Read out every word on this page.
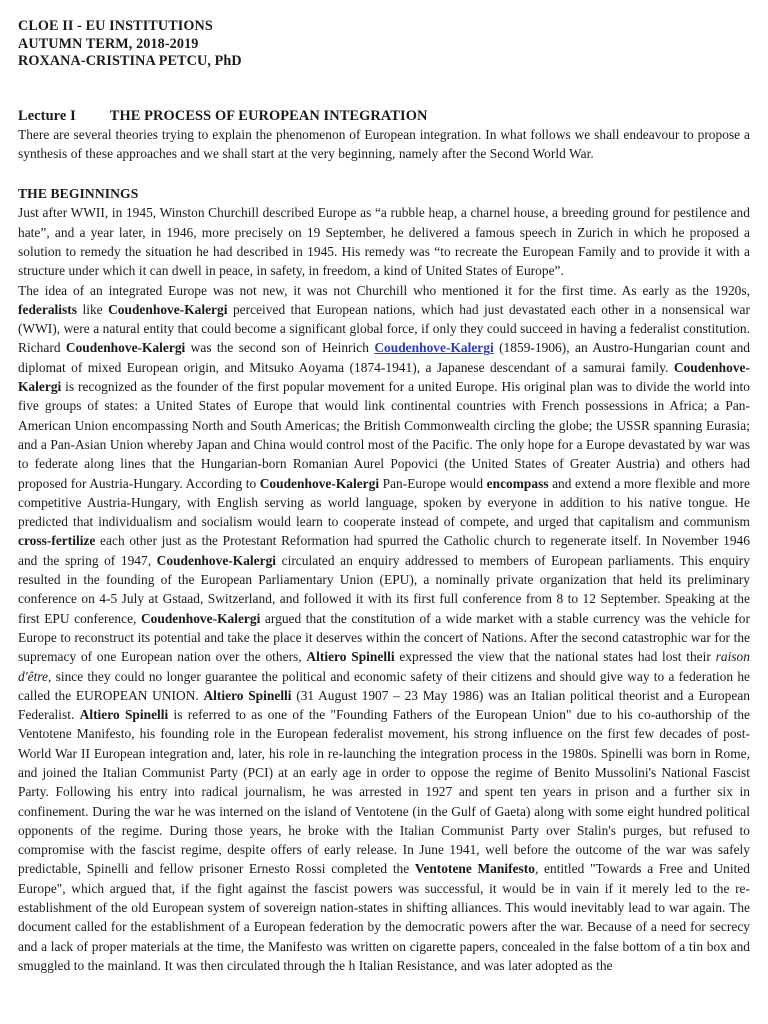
CLOE II - EU INSTITUTIONS
AUTUMN TERM, 2018-2019
ROXANA-CRISTINA PETCU, PhD
Lecture I THE PROCESS OF EUROPEAN INTEGRATION

There are several theories trying to explain the phenomenon of European integration. In what follows we shall endeavour to propose a synthesis of these approaches and we shall start at the very beginning, namely after the Second World War.

THE BEGINNINGS

Just after WWII, in 1945, Winston Churchill described Europe as “a rubble heap, a charnel house, a breeding ground for pestilence and hate”, and a year later, in 1946, more precisely on 19 September, he delivered a famous speech in Zurich in which he proposed a solution to remedy the situation he had described in 1945. His remedy was “to recreate the European Family and to provide it with a structure under which it can dwell in peace, in safety, in freedom, a kind of United States of Europe”.

The idea of an integrated Europe was not new, it was not Churchill who mentioned it for the first time. As early as the 1920s, federalists like Coudenhove-Kalergi perceived that European nations, which had just devastated each other in a nonsensical war (WWI), were a natural entity that could become a significant global force, if only they could succeed in having a federalist constitution. Richard Coudenhove-Kalergi was the second son of Heinrich Coudenhove-Kalergi (1859-1906), an Austro-Hungarian count and diplomat of mixed European origin, and Mitsuko Aoyama (1874-1941), a Japanese descendant of a samurai family. Coudenhove-Kalergi is recognized as the founder of the first popular movement for a united Europe. His original plan was to divide the world into five groups of states: a United States of Europe that would link continental countries with French possessions in Africa; a Pan-American Union encompassing North and South Americas; the British Commonwealth circling the globe; the USSR spanning Eurasia; and a Pan-Asian Union whereby Japan and China would control most of the Pacific. The only hope for a Europe devastated by war was to federate along lines that the Hungarian-born Romanian Aurel Popovici (the United States of Greater Austria) and others had proposed for Austria-Hungary. According to Coudenhove-Kalergi Pan-Europe would encompass and extend a more flexible and more competitive Austria-Hungary, with English serving as world language, spoken by everyone in addition to his native tongue. He predicted that individualism and socialism would learn to cooperate instead of compete, and urged that capitalism and communism cross-fertilize each other just as the Protestant Reformation had spurred the Catholic church to regenerate itself. In November 1946 and the spring of 1947, Coudenhove-Kalergi circulated an enquiry addressed to members of European parliaments. This enquiry resulted in the founding of the European Parliamentary Union (EPU), a nominally private organization that held its preliminary conference on 4-5 July at Gstaad, Switzerland, and followed it with its first full conference from 8 to 12 September. Speaking at the first EPU conference, Coudenhove-Kalergi argued that the constitution of a wide market with a stable currency was the vehicle for Europe to reconstruct its potential and take the place it deserves within the concert of Nations. After the second catastrophic war for the supremacy of one European nation over the others, Altiero Spinelli expressed the view that the national states had lost their raison d'être, since they could no longer guarantee the political and economic safety of their citizens and should give way to a federation he called the EUROPEAN UNION. Altiero Spinelli (31 August 1907 – 23 May 1986) was an Italian political theorist and a European Federalist. Altiero Spinelli is referred to as one of the "Founding Fathers of the European Union" due to his co-authorship of the Ventotene Manifesto, his founding role in the European federalist movement, his strong influence on the first few decades of post-World War II European integration and, later, his role in re-launching the integration process in the 1980s. Spinelli was born in Rome, and joined the Italian Communist Party (PCI) at an early age in order to oppose the regime of Benito Mussolini's National Fascist Party. Following his entry into radical journalism, he was arrested in 1927 and spent ten years in prison and a further six in confinement. During the war he was interned on the island of Ventotene (in the Gulf of Gaeta) along with some eight hundred political opponents of the regime. During those years, he broke with the Italian Communist Party over Stalin's purges, but refused to compromise with the fascist regime, despite offers of early release. In June 1941, well before the outcome of the war was safely predictable, Spinelli and fellow prisoner Ernesto Rossi completed the Ventotene Manifesto, entitled "Towards a Free and United Europe", which argued that, if the fight against the fascist powers was successful, it would be in vain if it merely led to the re-establishment of the old European system of sovereign nation-states in shifting alliances. This would inevitably lead to war again. The document called for the establishment of a European federation by the democratic powers after the war. Because of a need for secrecy and a lack of proper materials at the time, the Manifesto was written on cigarette papers, concealed in the false bottom of a tin box and smuggled to the mainland. It was then circulated through the h Italian Resistance, and was later adopted as the
